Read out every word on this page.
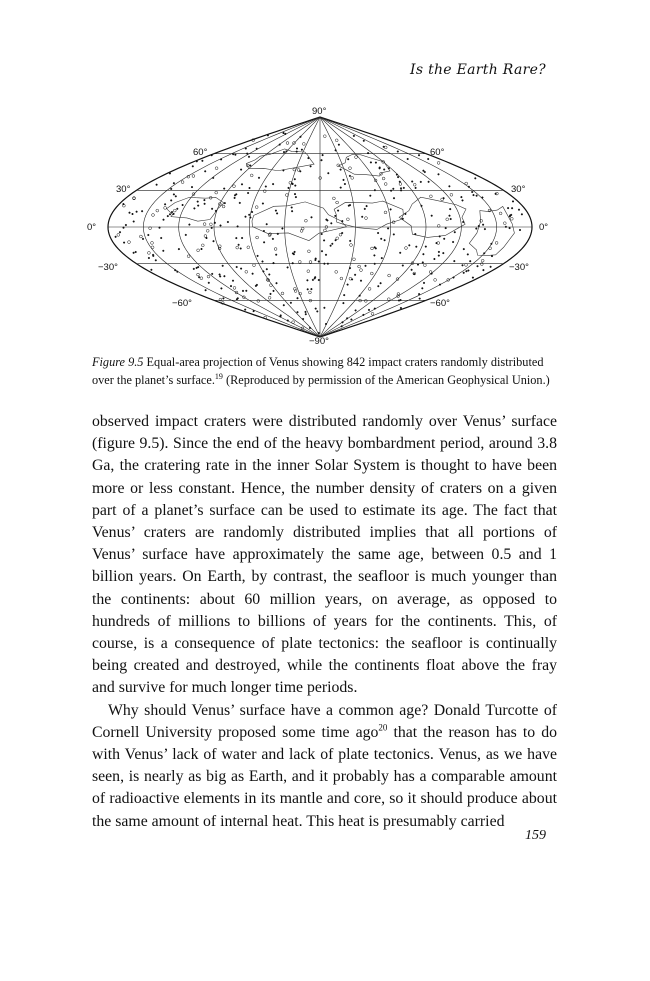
Is the Earth Rare?
90°
−90°
0°	0°
30°	30°
−30°	−30°
60°	60°
−60°	−60°
Figure 9.5 Equal-area projection of Venus showing 842 impact craters randomly distributed over the planet’s surface.$^{19}$ (Reproduced by permission of the American Geophysical Union.)

observed impact craters were distributed randomly over Venus’ surface (figure 9.5). Since the end of the heavy bombardment period, around 3.8 Ga, the cratering rate in the inner Solar System is thought to have been more or less constant. Hence, the number density of craters on a given part of a planet’s surface can be used to estimate its age. The fact that Venus’ craters are randomly distributed implies that all portions of Venus’ surface have approximately the same age, between 0.5 and 1 billion years. On Earth, by contrast, the seafloor is much younger than the continents: about 60 million years, on average, as opposed to hundreds of millions to billions of years for the continents. This, of course, is a consequence of plate tectonics: the seafloor is continually being created and destroyed, while the continents float above the fray and survive for much longer time periods.

Why should Venus’ surface have a common age? Donald Turcotte of Cornell University proposed some time ago$^{20}$ that the reason has to do with Venus’ lack of water and lack of plate tectonics. Venus, as we have seen, is nearly as big as Earth, and it probably has a comparable amount of radioactive elements in its mantle and core, so it should produce about the same amount of internal heat. This heat is presumably carried

159
